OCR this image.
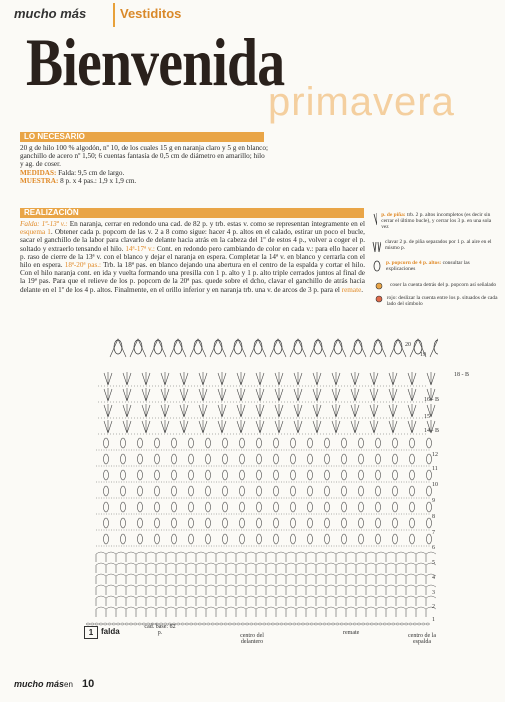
mucho más	Vestiditos
Bienvenida
primavera
LO NECESARIO
20 g de hilo 100 % algodón, nº 10, de los cuales 15 g en naranja claro y 5 g en blanco; ganchillo de acero nº 1,50; 6 cuentas fantasía de 0,5 cm de diámetro en amarillo; hilo y ag. de coser.
MEDIDAS: Falda: 9,5 cm de largo.
MUESTRA: 8 p. x 4 pas.: 1,9 x 1,9 cm.
REALIZACIÓN
Falda: 1ª-13ª v.: En naranja, cerrar en redondo una cad. de 82 p. y trb. estas v. como se representan íntegramente en el esquema 1. Obtener cada p. popcorn de las v. 2 a 8 como sigue: hacer 4 p. altos en el calado, estirar un poco el bucle, sacar el ganchillo de la labor para clavarlo de delante hacia atrás en la cabeza del 1º de estos 4 p., volver a coger el p. soltado y extraerlo tensando el hilo. 14ª-17ª v.: Cont. en redondo pero cambiando de color en cada v.: para ello hacer el p. raso de cierre de la 13ª v. con el blanco y dejar el naranja en espera. Completar la 14ª v. en blanco y cerrarla con el hilo en espera. 18ª-20ª pas.: Trb. la 18ª pas. en blanco dejando una abertura en el centro de la espalda y cortar el hilo. Con el hilo naranja cont. en ida y vuelta formando una presilla con 1 p. alto y 1 p. alto triple cerrados juntos al final de la 19ª pas. Para que el relieve de los p. popcorn de la 20ª pas. quede sobre el dcho, clavar el ganchillo de atrás hacia delante en el 1º de los 4 p. altos. Finalmente, en el orillo inferior y en naranja trb. una v. de arcos de 3 p. para el remate.
p. de piña: trb. 2 p. altos incompletos (es decir sin cerrar el último bucle), y cerrar los 3 p. en una sola vez
clavar 2 p. de piña separados por 1 p. al aire en el mismo p.
p. popcorn de 4 p. altos: consultar las explicaciones
coser la cuenta detrás del p. popcorn así señalado
rojo: deslizar la cuenta entre los p. situados de cada lado del símbolo
20
19
18 - B
16 - B
15
14 - B
12
11
10
9
8
7
6
5
4
3
2
1
1 falda	cad. base: 82 p.	centro del delantero
remate	centro de la espalda
mucho más en 10
